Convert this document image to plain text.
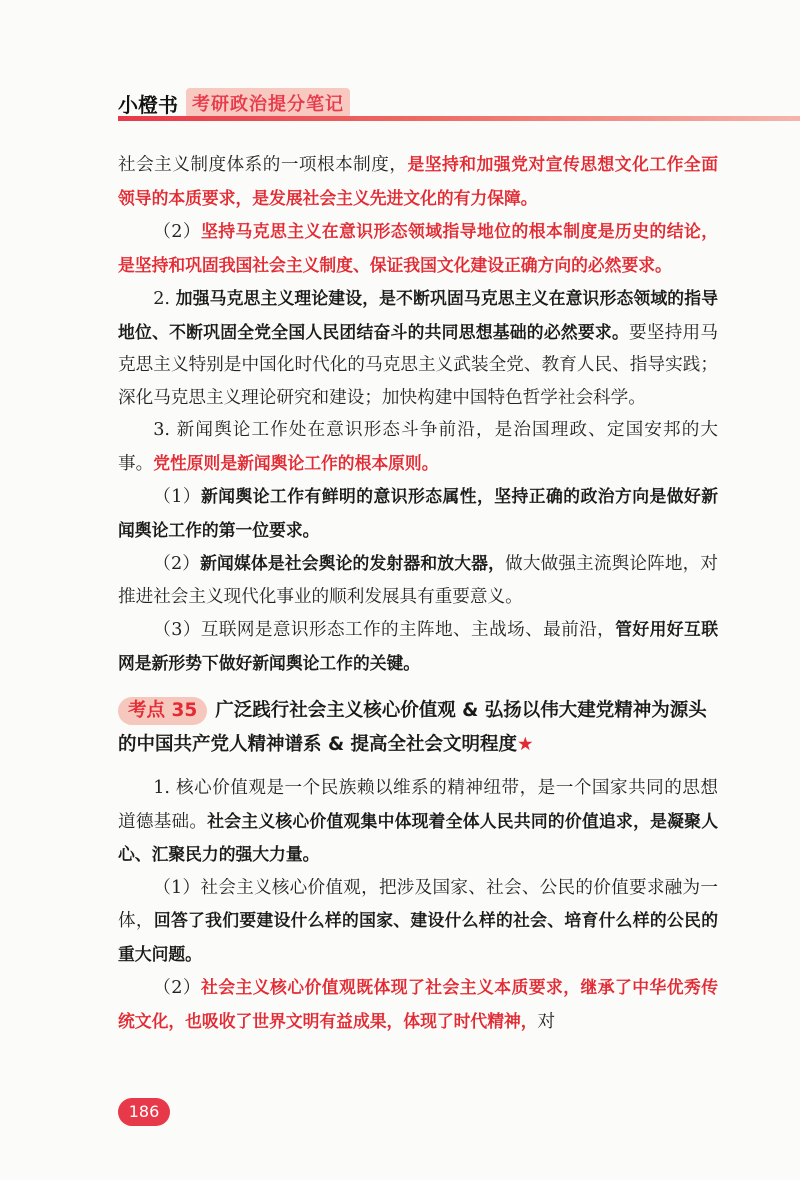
小橙书 考研政治提分笔记

社会主义制度体系的一项根本制度，是坚持和加强党对宣传思想文化工作全面领导的本质要求，是发展社会主义先进文化的有力保障。

（2）坚持马克思主义在意识形态领域指导地位的根本制度是历史的结论，是坚持和巩固我国社会主义制度、保证我国文化建设正确方向的必然要求。

2. 加强马克思主义理论建设，是不断巩固马克思主义在意识形态领域的指导地位、不断巩固全党全国人民团结奋斗的共同思想基础的必然要求。要坚持用马克思主义特别是中国化时代化的马克思主义武装全党、教育人民、指导实践；深化马克思主义理论研究和建设；加快构建中国特色哲学社会科学。

3. 新闻舆论工作处在意识形态斗争前沿，是治国理政、定国安邦的大事。党性原则是新闻舆论工作的根本原则。

（1）新闻舆论工作有鲜明的意识形态属性，坚持正确的政治方向是做好新闻舆论工作的第一位要求。

（2）新闻媒体是社会舆论的发射器和放大器，做大做强主流舆论阵地，对推进社会主义现代化事业的顺利发展具有重要意义。

（3）互联网是意识形态工作的主阵地、主战场、最前沿，管好用好互联网是新形势下做好新闻舆论工作的关键。

考点 35 广泛践行社会主义核心价值观 & 弘扬以伟大建党精神为源头的中国共产党人精神谱系 & 提高全社会文明程度★

1. 核心价值观是一个民族赖以维系的精神纽带，是一个国家共同的思想道德基础。社会主义核心价值观集中体现着全体人民共同的价值追求，是凝聚人心、汇聚民力的强大力量。

（1）社会主义核心价值观，把涉及国家、社会、公民的价值要求融为一体，回答了我们要建设什么样的国家、建设什么样的社会、培育什么样的公民的重大问题。

（2）社会主义核心价值观既体现了社会主义本质要求，继承了中华优秀传统文化，也吸收了世界文明有益成果，体现了时代精神，对

186
